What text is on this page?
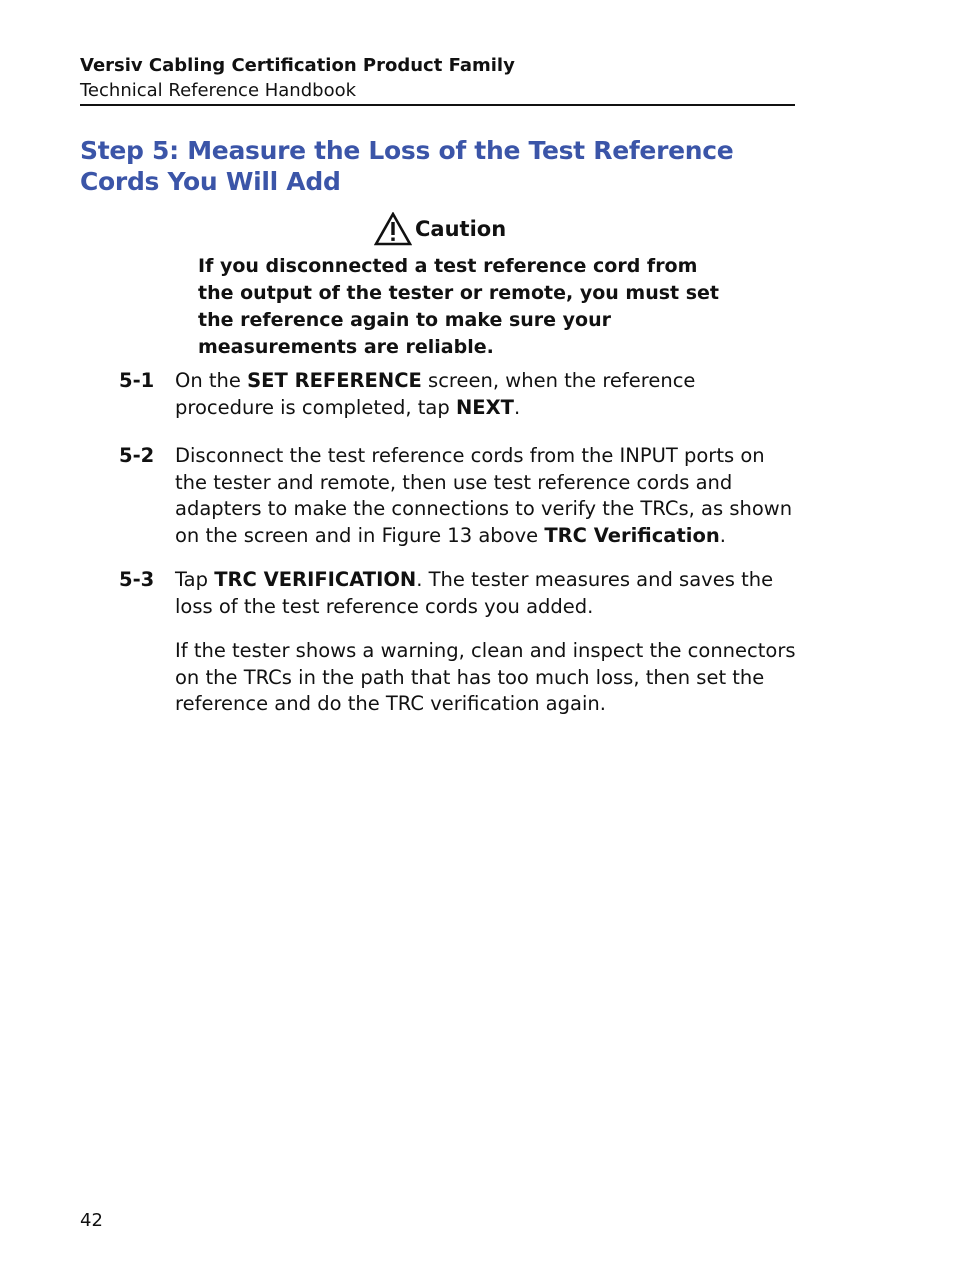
Versiv Cabling Certification Product Family
Technical Reference Handbook
Step 5: Measure the Loss of the Test Reference Cords You Will Add
Caution
If you disconnected a test reference cord from the output of the tester or remote, you must set the reference again to make sure your measurements are reliable.
5-1 On the SET REFERENCE screen, when the reference procedure is completed, tap NEXT.
5-2 Disconnect the test reference cords from the INPUT ports on the tester and remote, then use test reference cords and adapters to make the connections to verify the TRCs, as shown on the screen and in Figure 13 above TRC Verification.
5-3 Tap TRC VERIFICATION. The tester measures and saves the loss of the test reference cords you added.
If the tester shows a warning, clean and inspect the connectors on the TRCs in the path that has too much loss, then set the reference and do the TRC verification again.
42
